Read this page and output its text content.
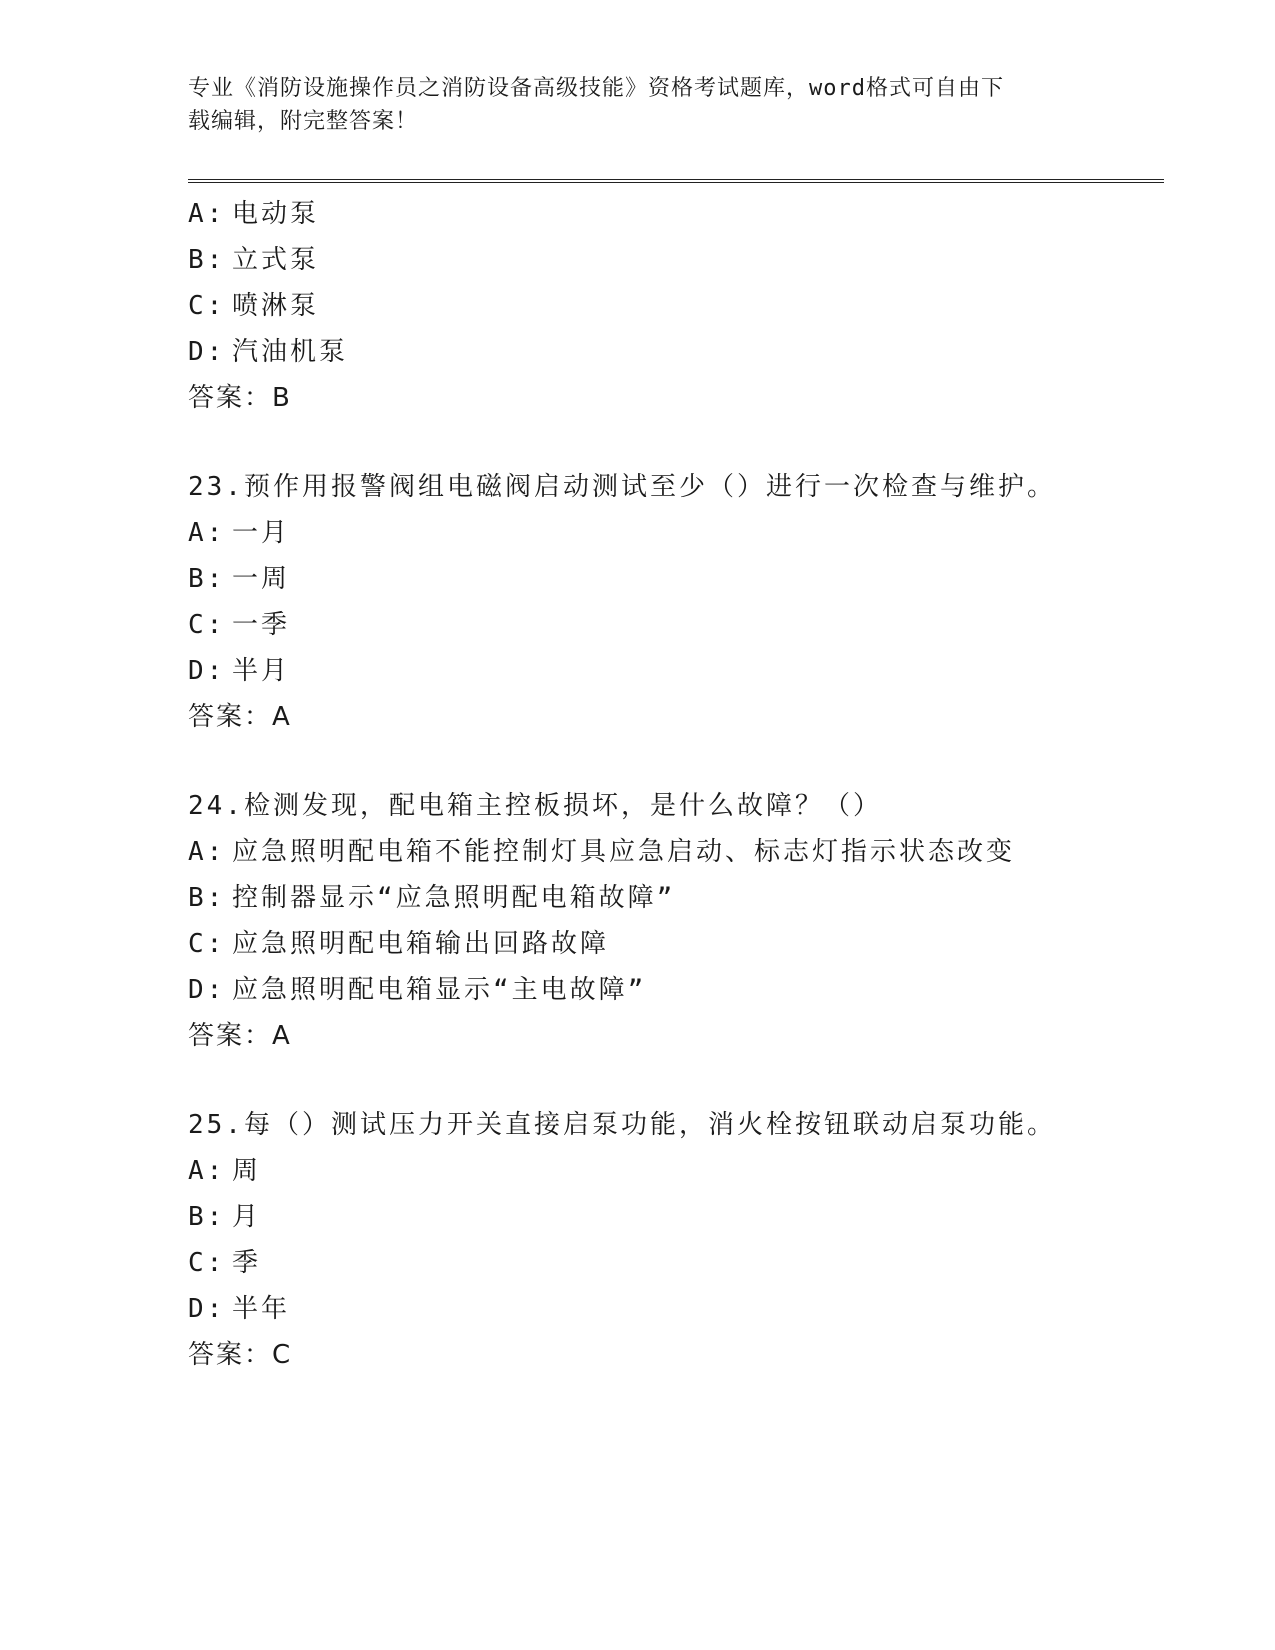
专业《消防设施操作员之消防设备高级技能》资格考试题库，word格式可自由下
载编辑，附完整答案！
A: 电动泵
B: 立式泵
C: 喷淋泵
D: 汽油机泵
答案：B
23.预作用报警阀组电磁阀启动测试至少（）进行一次检查与维护。
A: 一月
B: 一周
C: 一季
D: 半月
答案：A
24.检测发现，配电箱主控板损坏，是什么故障？（）
A: 应急照明配电箱不能控制灯具应急启动、标志灯指示状态改变
B: 控制器显示“应急照明配电箱故障”
C: 应急照明配电箱输出回路故障
D: 应急照明配电箱显示“主电故障”
答案：A
25.每（）测试压力开关直接启泵功能，消火栓按钮联动启泵功能。
A: 周
B: 月
C: 季
D: 半年
答案：C
